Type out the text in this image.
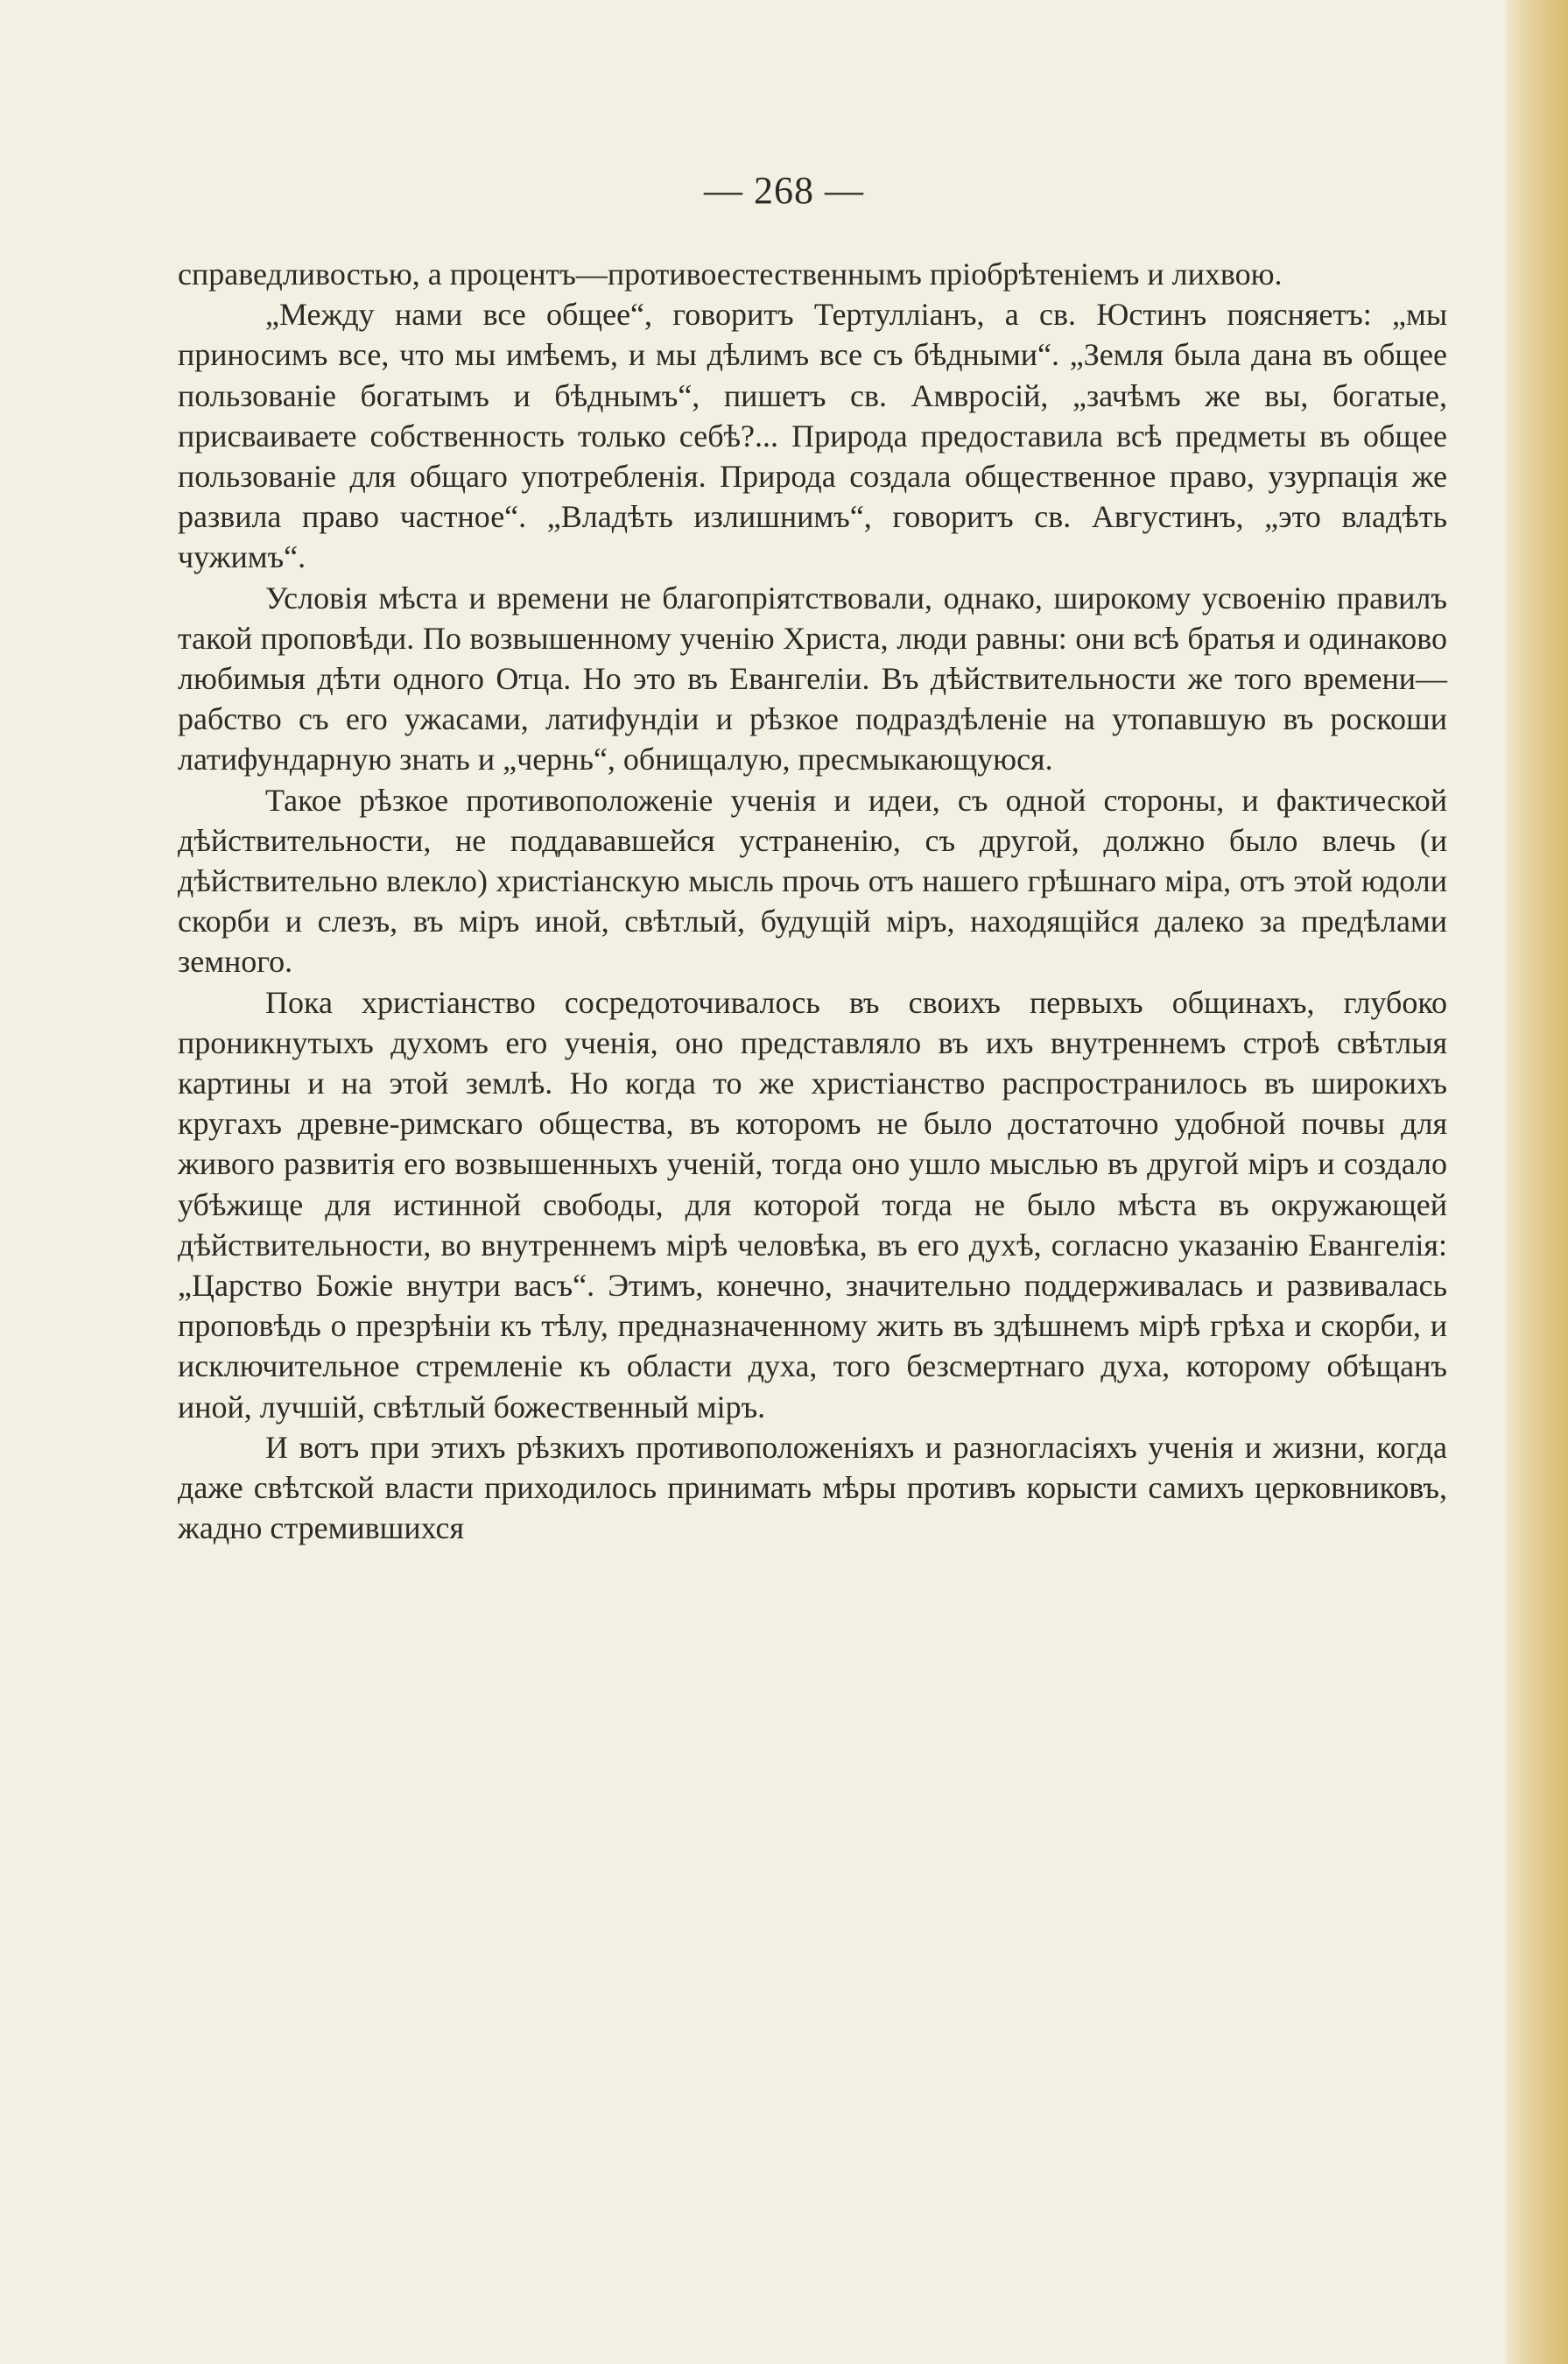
— 268 —

справедливостью, а процентъ—противоестественнымъ пріобрѣтеніемъ и лихвою.

„Между нами все общее“, говоритъ Тертулліанъ, а св. Юстинъ поясняетъ: „мы приносимъ все, что мы имѣемъ, и мы дѣлимъ все съ бѣдными“. „Земля была дана въ общее пользованіе богатымъ и бѣднымъ“, пишетъ св. Амвросій, „зачѣмъ же вы, богатые, присваиваете собственность только себѣ?... Природа предоставила всѣ предметы въ общее пользованіе для общаго употребленія. Природа создала общественное право, узурпація же развила право частное“. „Владѣть излишнимъ“, говоритъ св. Августинъ, „это владѣть чужимъ“.

Условія мѣста и времени не благопріятствовали, однако, широкому усвоенію правилъ такой проповѣди. По возвышенному ученію Христа, люди равны: они всѣ братья и одинаково любимыя дѣти одного Отца. Но это въ Евангеліи. Въ дѣйствительности же того времени—рабство съ его ужасами, латифундіи и рѣзкое подраздѣленіе на утопавшую въ роскоши латифундарную знать и „чернь“, обнищалую, пресмыкающуюся.

Такое рѣзкое противоположеніе ученія и идеи, съ одной стороны, и фактической дѣйствительности, не поддававшейся устраненію, съ другой, должно было влечь (и дѣйствительно влекло) христіанскую мысль прочь отъ нашего грѣшнаго міра, отъ этой юдоли скорби и слезъ, въ міръ иной, свѣтлый, будущій міръ, находящійся далеко за предѣлами земного.

Пока христіанство сосредоточивалось въ своихъ первыхъ общинахъ, глубоко проникнутыхъ духомъ его ученія, оно представляло въ ихъ внутреннемъ строѣ свѣтлыя картины и на этой землѣ. Но когда то же христіанство распространилось въ широкихъ кругахъ древне-римскаго общества, въ которомъ не было достаточно удобной почвы для живого развитія его возвышенныхъ ученій, тогда оно ушло мыслью въ другой міръ и создало убѣжище для истинной свободы, для которой тогда не было мѣста въ окружающей дѣйствительности, во внутреннемъ мірѣ человѣка, въ его духѣ, согласно указанію Евангелія: „Царство Божіе внутри васъ“. Этимъ, конечно, значительно поддерживалась и развивалась проповѣдь о презрѣніи къ тѣлу, предназначенному жить въ здѣшнемъ мірѣ грѣха и скорби, и исключительное стремленіе къ области духа, того безсмертнаго духа, которому обѣщанъ иной, лучшій, свѣтлый божественный міръ.

И вотъ при этихъ рѣзкихъ противоположеніяхъ и разногласіяхъ ученія и жизни, когда даже свѣтской власти приходилось принимать мѣры противъ корысти самихъ церковниковъ, жадно стремившихся
